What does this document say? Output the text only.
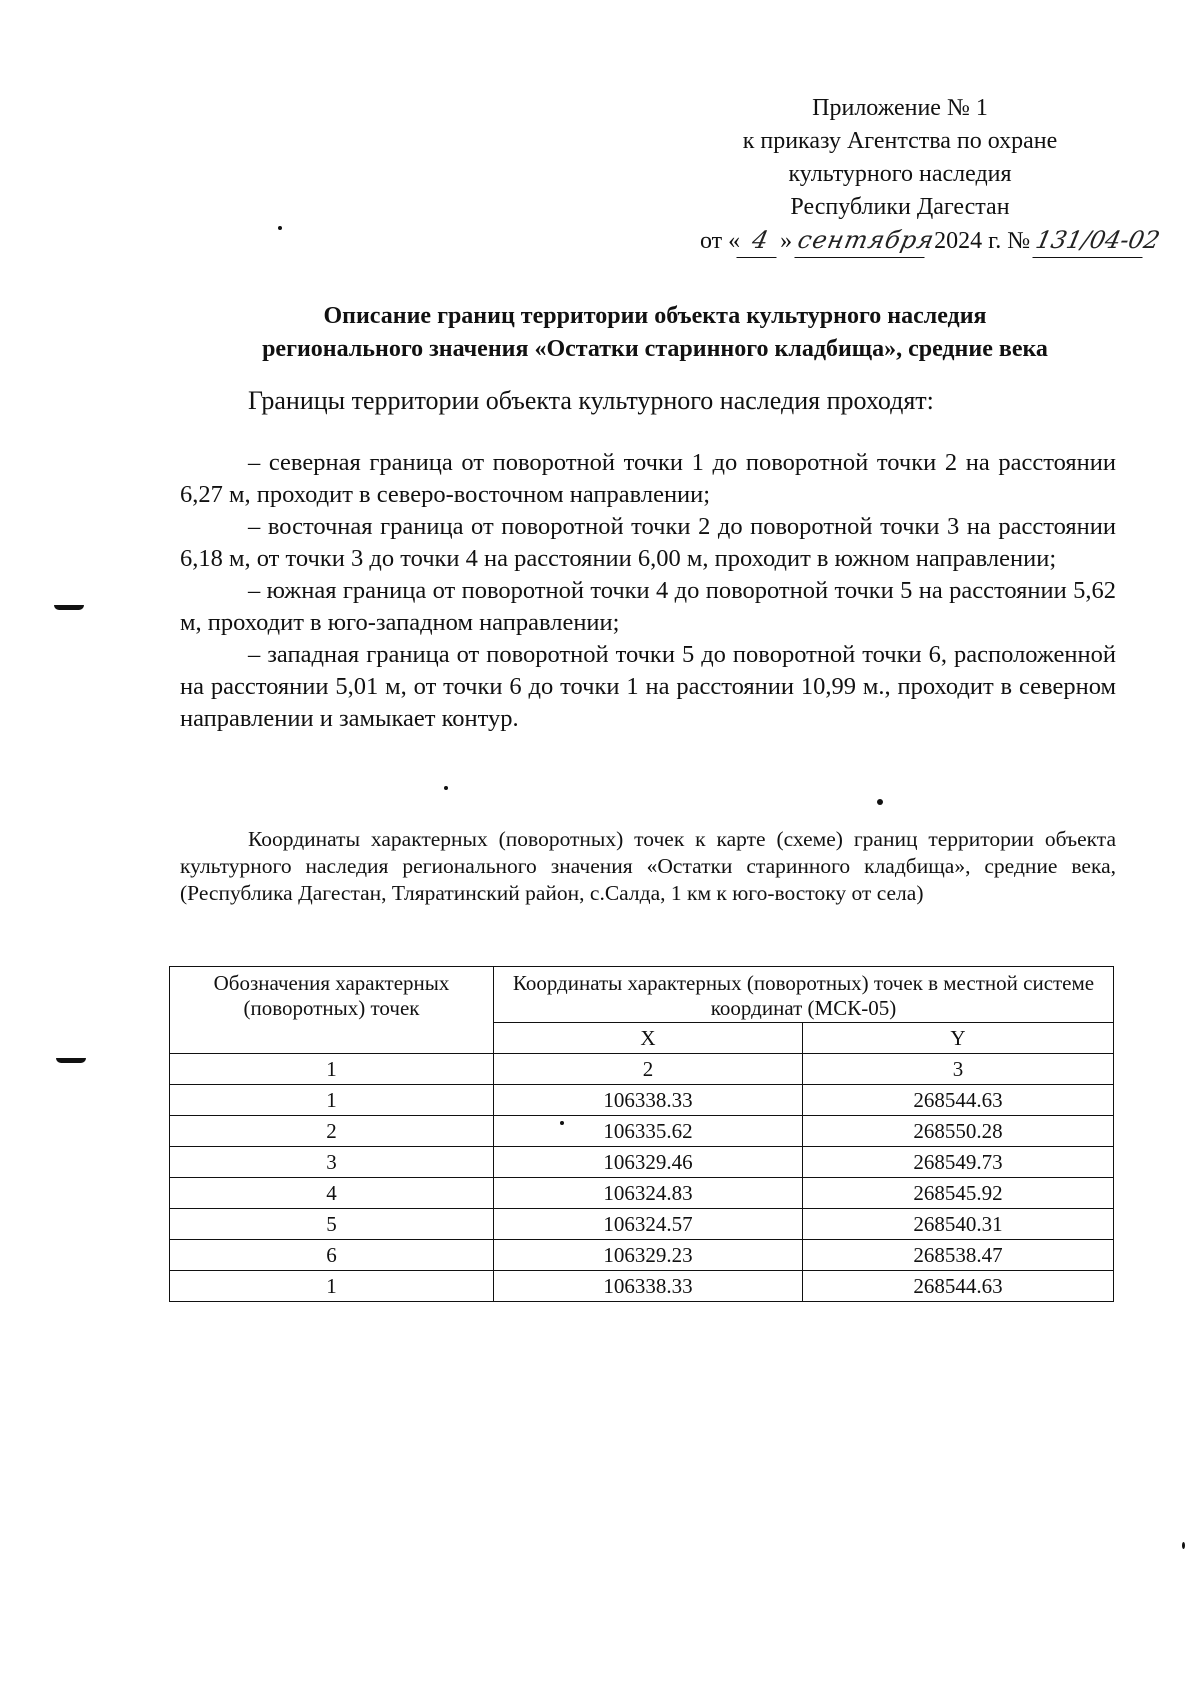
Приложение № 1
к приказу Агентства по охране
культурного наследия
Республики Дагестан
от « 4 » сентября 2024 г. № 131/04-02
Описание границ территории объекта культурного наследия
регионального значения «Остатки старинного кладбища», средние века
Границы территории объекта культурного наследия проходят:

– северная граница от поворотной точки 1 до поворотной точки 2 на расстоянии 6,27 м, проходит в северо-восточном направлении;

– восточная граница от поворотной точки 2 до поворотной точки 3 на расстоянии 6,18 м, от точки 3 до точки 4 на расстоянии 6,00 м, проходит в южном направлении;

– южная граница от поворотной точки 4 до поворотной точки 5 на расстоянии 5,62 м, проходит в юго-западном направлении;

– западная граница от поворотной точки 5 до поворотной точки 6, расположенной на расстоянии 5,01 м, от точки 6 до точки 1 на расстоянии 10,99 м., проходит в северном направлении и замыкает контур.

Координаты характерных (поворотных) точек к карте (схеме) границ территории объекта культурного наследия регионального значения «Остатки старинного кладбища», средние века, (Республика Дагестан, Тляратинский район, с.Салда, 1 км к юго-востоку от села)

Обозначения характерных (поворотных) точек	Координаты характерных (поворотных) точек в местной системе координат (МСК-05)	
	X	Y
1	2	3
1	106338.33	268544.63
2	106335.62	268550.28
3	106329.46	268549.73
4	106324.83	268545.92
5	106324.57	268540.31
6	106329.23	268538.47
1	106338.33	268544.63
